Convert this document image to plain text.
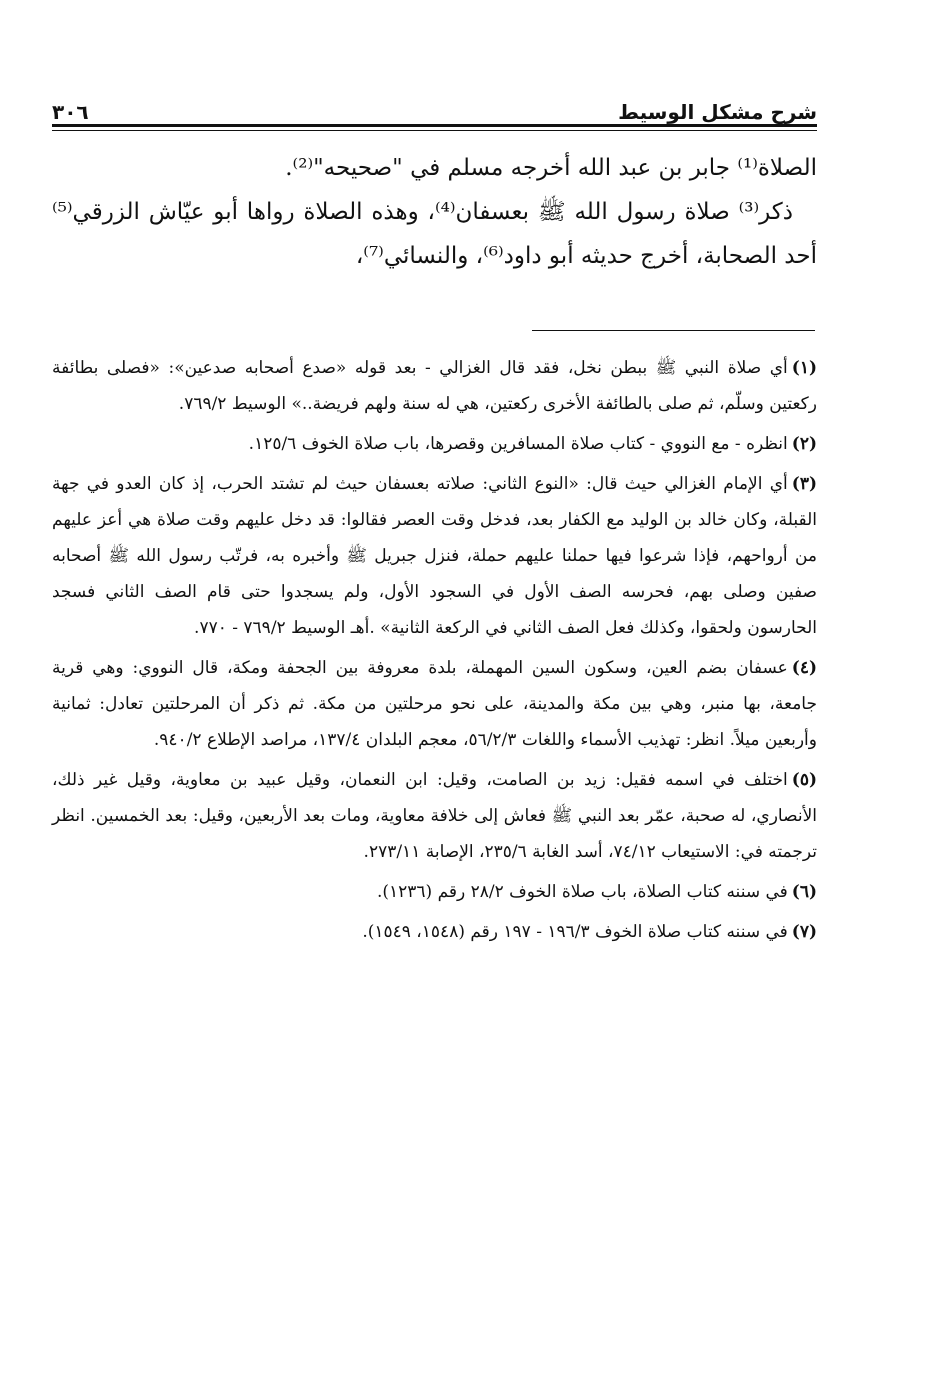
٣٠٦	شرح مشكل الوسيط

الصلاة⁽¹⁾ جابر بن عبد الله أخرجه مسلم في "صحيحه"⁽²⁾.

ذكر⁽³⁾ صلاة رسول الله ﷺ بعسفان⁽⁴⁾، وهذه الصلاة رواها أبو عيّاش الزرقي⁽⁵⁾ أحد الصحابة، أخرج حديثه أبو داود⁽⁶⁾، والنسائي⁽⁷⁾،

(١)أي صلاة النبي ﷺ ببطن نخل، فقد قال الغزالي - بعد قوله «صدع أصحابه صدعين»: «فصلى بطائفة ركعتين وسلّم، ثم صلى بالطائفة الأخرى ركعتين، هي له سنة ولهم فريضة..» الوسيط ٧٦٩/٢.

(٢)انظره - مع النووي - كتاب صلاة المسافرين وقصرها، باب صلاة الخوف ١٢٥/٦.

(٣)أي الإمام الغزالي حيث قال: «النوع الثاني: صلاته بعسفان حيث لم تشتد الحرب، إذ كان العدو في جهة القبلة، وكان خالد بن الوليد مع الكفار بعد، فدخل وقت العصر فقالوا: قد دخل عليهم وقت صلاة هي أعز عليهم من أرواحهم، فإذا شرعوا فيها حملنا عليهم حملة، فنزل جبريل ﷺ وأخبره به، فرتّب رسول الله ﷺ أصحابه صفين وصلى بهم، فحرسه الصف الأول في السجود الأول، ولم يسجدوا حتى قام الصف الثاني فسجد الحارسون ولحقوا، وكذلك فعل الصف الثاني في الركعة الثانية» .أهـ الوسيط ٧٦٩/٢ - ٧٧٠.

(٤)عسفان بضم العين، وسكون السين المهملة، بلدة معروفة بين الجحفة ومكة، قال النووي: وهي قرية جامعة، بها منبر، وهي بين مكة والمدينة، على نحو مرحلتين من مكة. ثم ذكر أن المرحلتين تعادل: ثمانية وأربعين ميلاً. انظر: تهذيب الأسماء واللغات ٥٦/٢/٣، معجم البلدان ١٣٧/٤، مراصد الإطلاع ٩٤٠/٢.

(٥)اختلف في اسمه فقيل: زيد بن الصامت، وقيل: ابن النعمان، وقيل عبيد بن معاوية، وقيل غير ذلك، الأنصاري، له صحبة، عمّر بعد النبي ﷺ فعاش إلى خلافة معاوية، ومات بعد الأربعين، وقيل: بعد الخمسين. انظر ترجمته في: الاستيعاب ٧٤/١٢، أسد الغابة ٢٣٥/٦، الإصابة ٢٧٣/١١.

(٦)في سننه كتاب الصلاة، باب صلاة الخوف ٢٨/٢ رقم (١٢٣٦).

(٧)في سننه كتاب صلاة الخوف ١٩٦/٣ - ١٩٧ رقم (١٥٤٨، ١٥٤٩).
